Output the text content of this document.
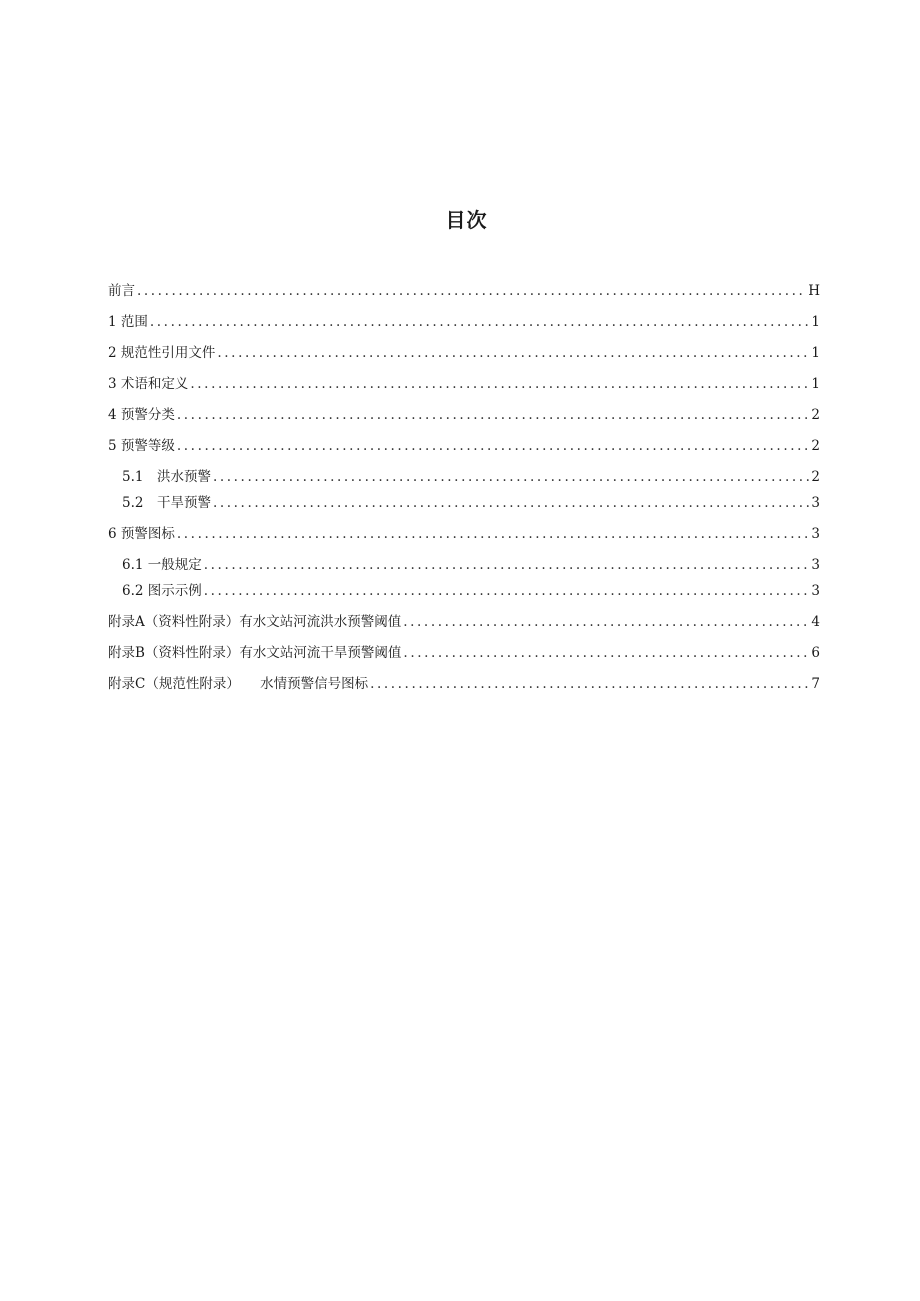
目次
前言 .....	H
1 范围 .....	1
2 规范性引用文件 .....	1
3 术语和定义 .....	1
4 预警分类 .....	2
5 预警等级 .....	2
5.1　洪水预警 .....	2
5.2　干旱预警 .....	3
6 预警图标 .....	3
6.1 一般规定 .....	3
6.2 图示示例 .....	3
附录A（资料性附录）有水文站河流洪水预警阈值 .....	4
附录B（资料性附录）有水文站河流干旱预警阈值 .....	6
附录C（规范性附录）　　水情预警信号图标 .....	7
